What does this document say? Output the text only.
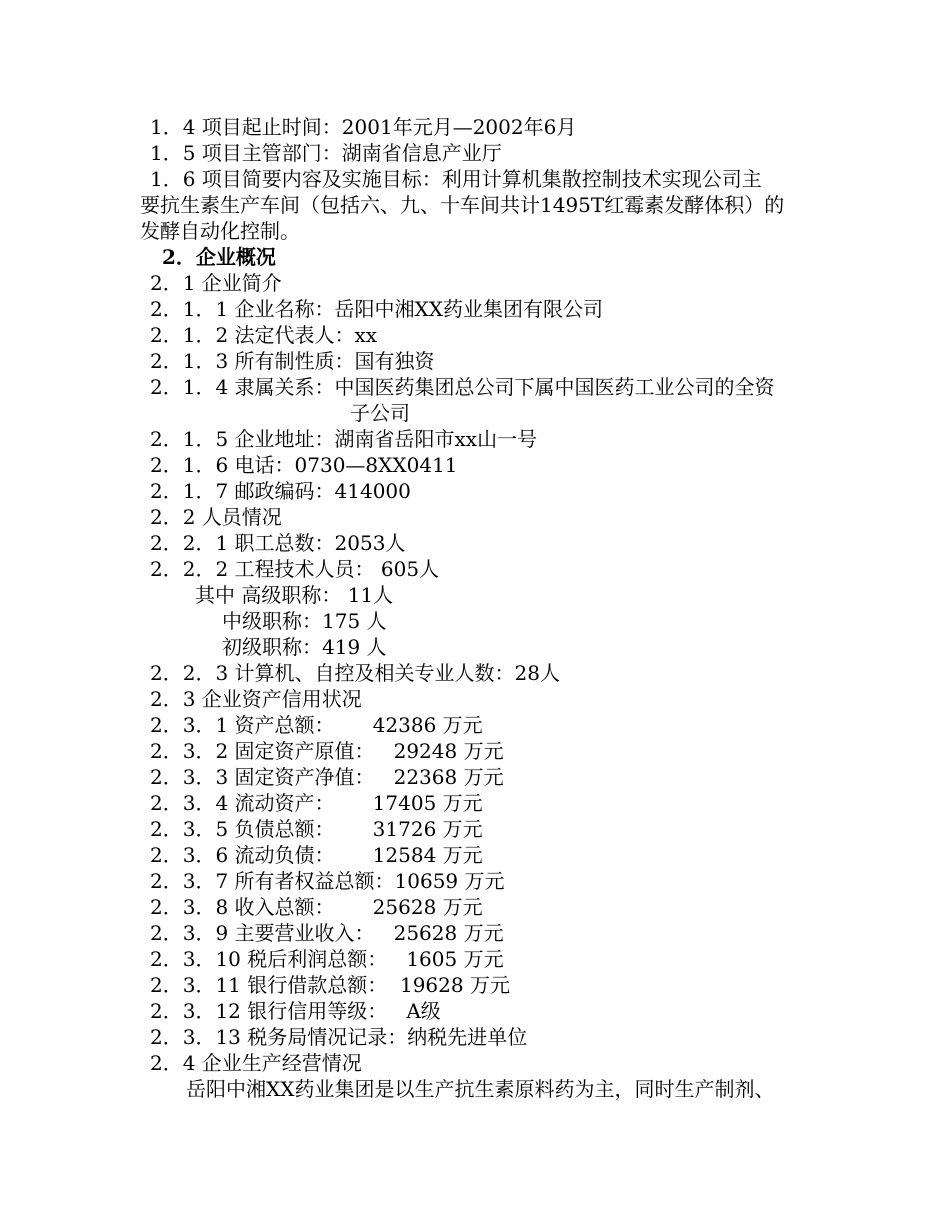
1．4 项目起止时间：2001年元月—2002年6月
1．5 项目主管部门：湖南省信息产业厅
1．6 项目简要内容及实施目标：利用计算机集散控制技术实现公司主
要抗生素生产车间（包括六、九、十车间共计1495T红霉素发酵体积）的
发酵自动化控制。
2．企业概况
2．1 企业简介
2．1．1 企业名称：岳阳中湘XX药业集团有限公司
2．1．2 法定代表人：xx
2．1．3 所有制性质：国有独资
2．1．4 隶属关系：中国医药集团总公司下属中国医药工业公司的全资
子公司
2．1．5 企业地址：湖南省岳阳市xx山一号
2．1．6 电话：0730—8XX0411
2．1．7 邮政编码：414000
2．2 人员情况
2．2．1 职工总数：2053人
2．2．2 工程技术人员： 605人
其中 高级职称： 11人
中级职称：175 人
初级职称：419 人
2．2．3 计算机、自控及相关专业人数：28人
2．3 企业资产信用状况
2．3．1 资产总额：      42386 万元
2．3．2 固定资产原值：   29248 万元
2．3．3 固定资产净值：   22368 万元
2．3．4 流动资产：      17405 万元
2．3．5 负债总额：      31726 万元
2．3．6 流动负债：      12584 万元
2．3．7 所有者权益总额：10659 万元
2．3．8 收入总额：      25628 万元
2．3．9 主要营业收入：   25628 万元
2．3．10 税后利润总额：   1605 万元
2．3．11 银行借款总额：  19628 万元
2．3．12 银行信用等级：   A级
2．3．13 税务局情况记录：纳税先进单位
2．4 企业生产经营情况
岳阳中湘XX药业集团是以生产抗生素原料药为主，同时生产制剂、
